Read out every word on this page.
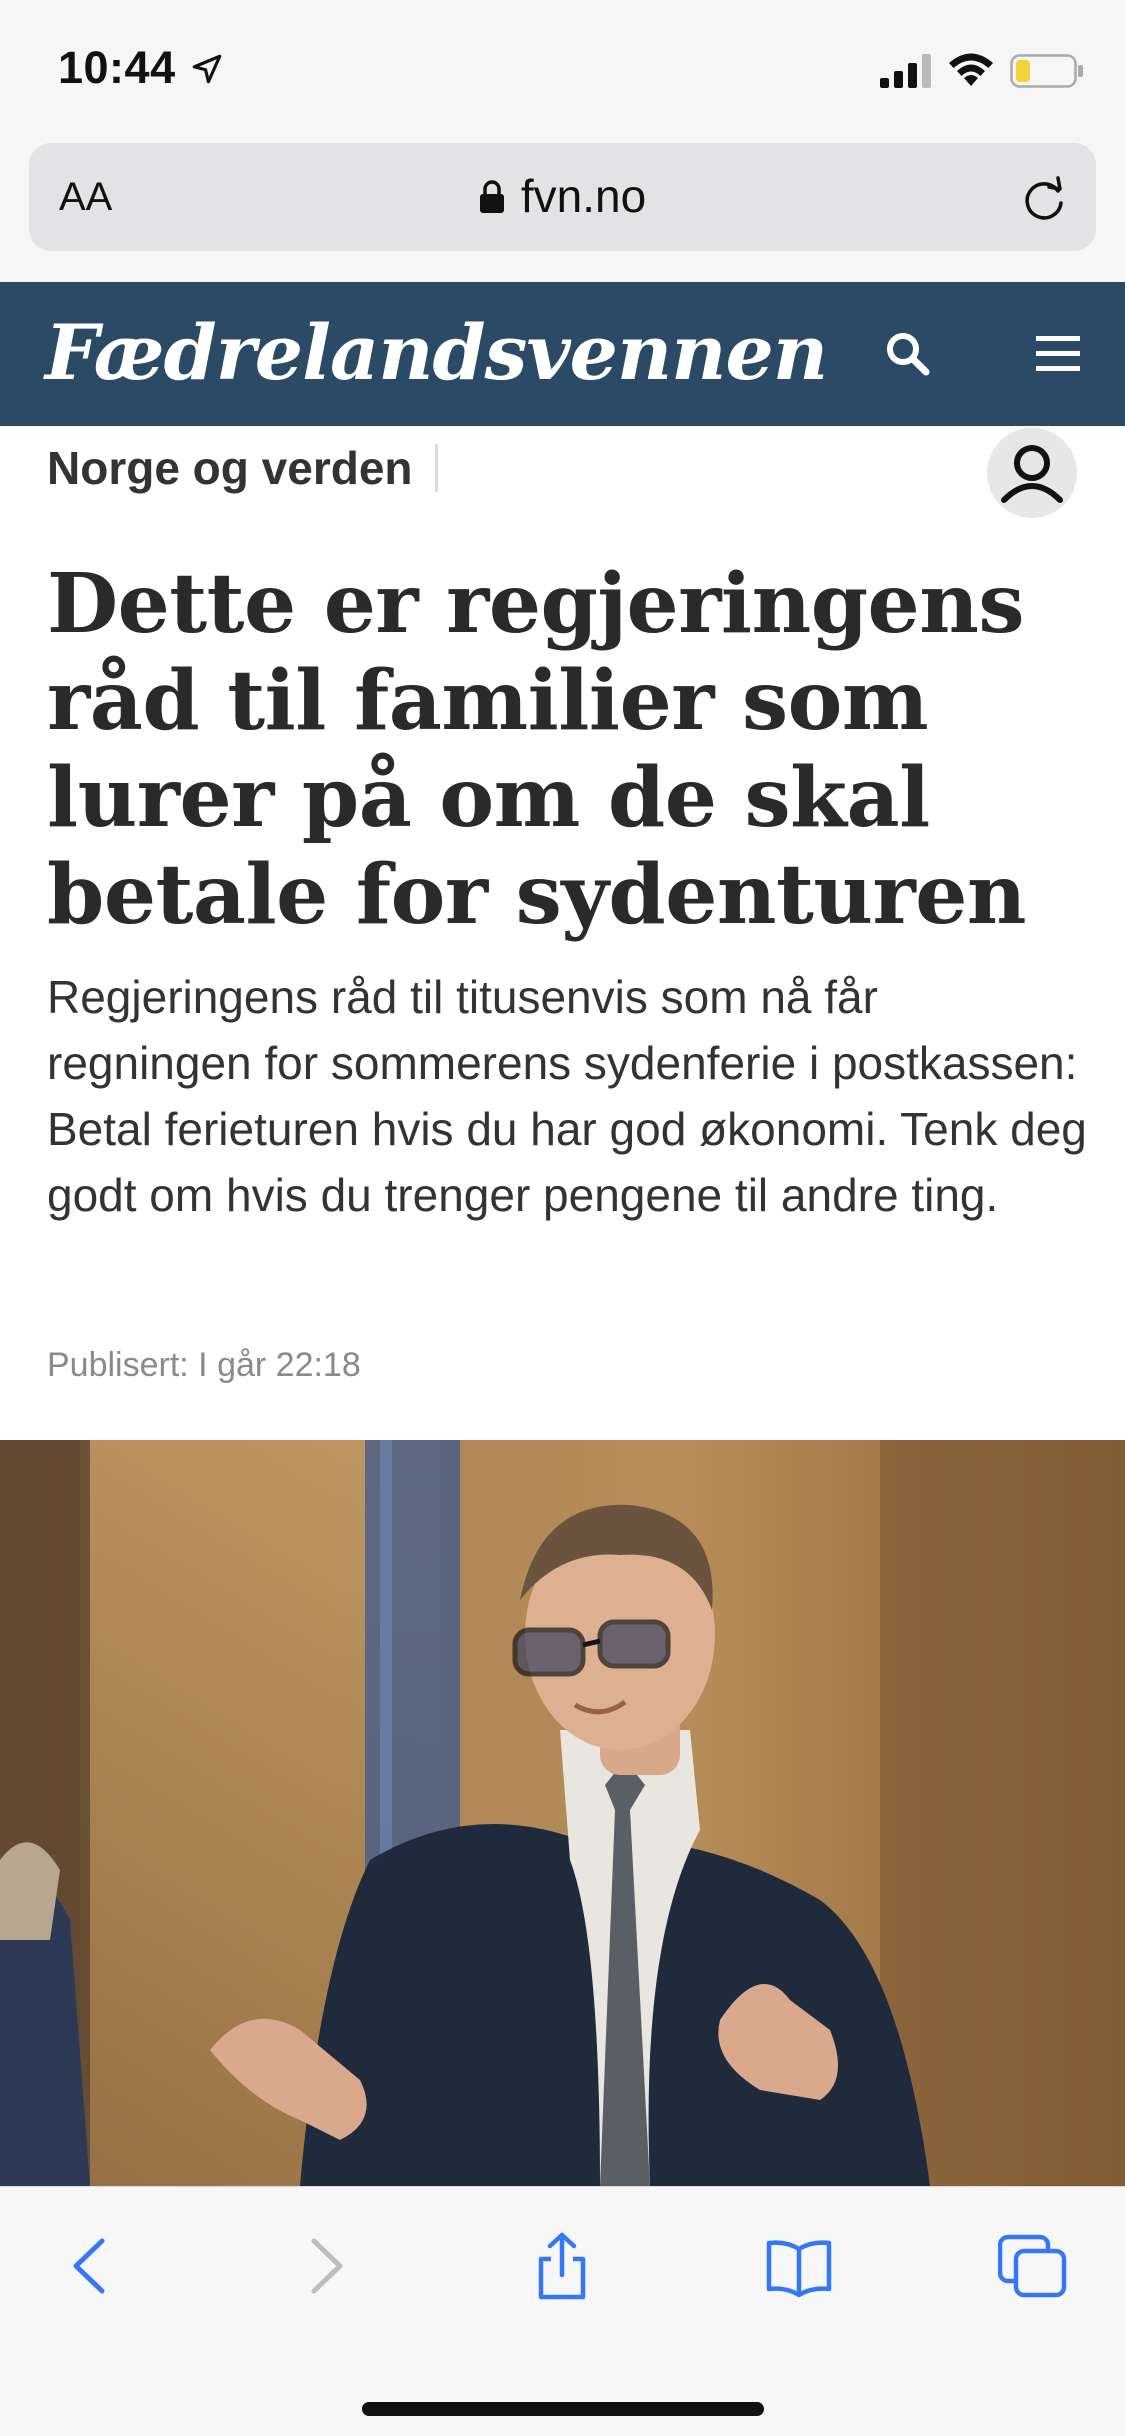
10:44
AA	fvn.no
Fædrelandsvennen
Norge og verden
Dette er regjeringens råd til familier som lurer på om de skal betale for sydenturen

Regjeringens råd til titusenvis som nå får regningen for sommerens sydenferie i postkassen: Betal ferieturen hvis du har god økonomi. Tenk deg godt om hvis du trenger pengene til andre ting.

Publisert: I går 22:18
